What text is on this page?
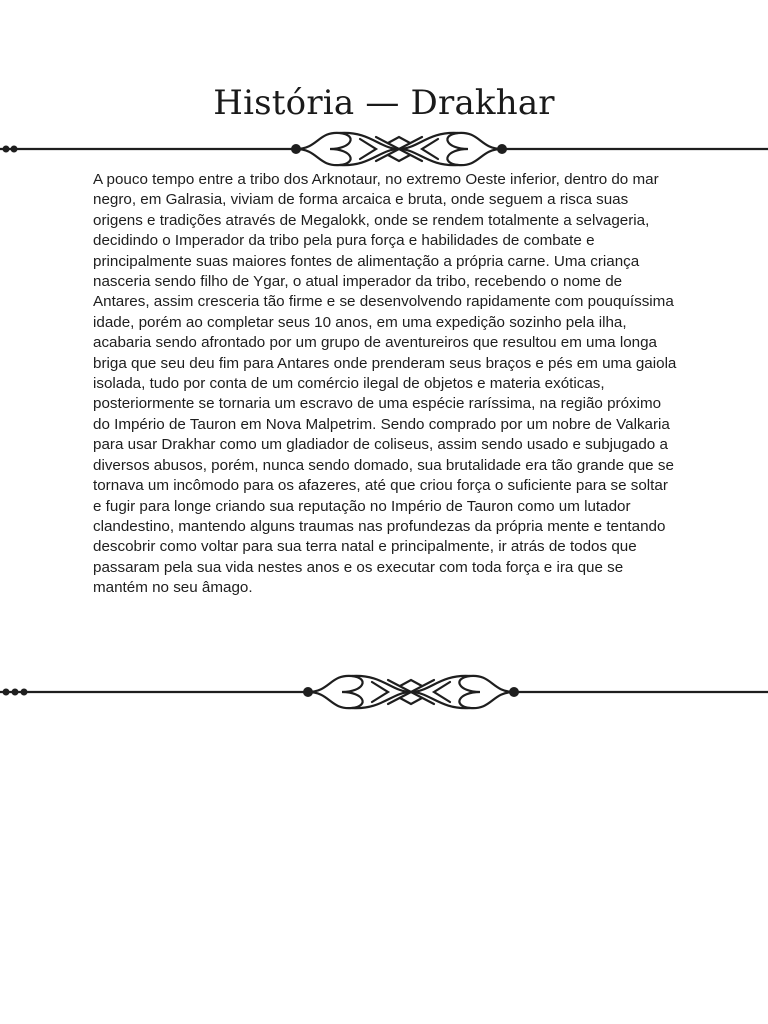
História — Drakhar

A pouco tempo entre a tribo dos Arknotaur, no extremo Oeste inferior, dentro do mar negro, em Galrasia, viviam de forma arcaica e bruta, onde seguem a risca suas origens e tradições através de Megalokk, onde se rendem totalmente a selvageria, decidindo o Imperador da tribo pela pura força e habilidades de combate e principalmente suas maiores fontes de alimentação a própria carne. Uma criança nasceria sendo filho de Ygar, o atual imperador da tribo, recebendo o nome de Antares, assim cresceria tão firme e se desenvolvendo rapidamente com pouquíssima idade, porém ao completar seus 10 anos, em uma expedição sozinho pela ilha, acabaria sendo afrontado por um grupo de aventureiros que resultou em uma longa briga que seu deu fim para Antares onde prenderam seus braços e pés em uma gaiola isolada, tudo por conta de um comércio ilegal de objetos e materia exóticas, posteriormente se tornaria um escravo de uma espécie raríssima, na região próximo do Império de Tauron em Nova Malpetrim. Sendo comprado por um nobre de Valkaria para usar Drakhar como um gladiador de coliseus, assim sendo usado e subjugado a diversos abusos, porém, nunca sendo domado, sua brutalidade era tão grande que se tornava um incômodo para os afazeres, até que criou força o suficiente para se soltar e fugir para longe criando sua reputação no Império de Tauron como um lutador clandestino, mantendo alguns traumas nas profundezas da própria mente e tentando descobrir como voltar para sua terra natal e principalmente, ir atrás de todos que passaram pela sua vida nestes anos e os executar com toda força e ira que se mantém no seu âmago.
